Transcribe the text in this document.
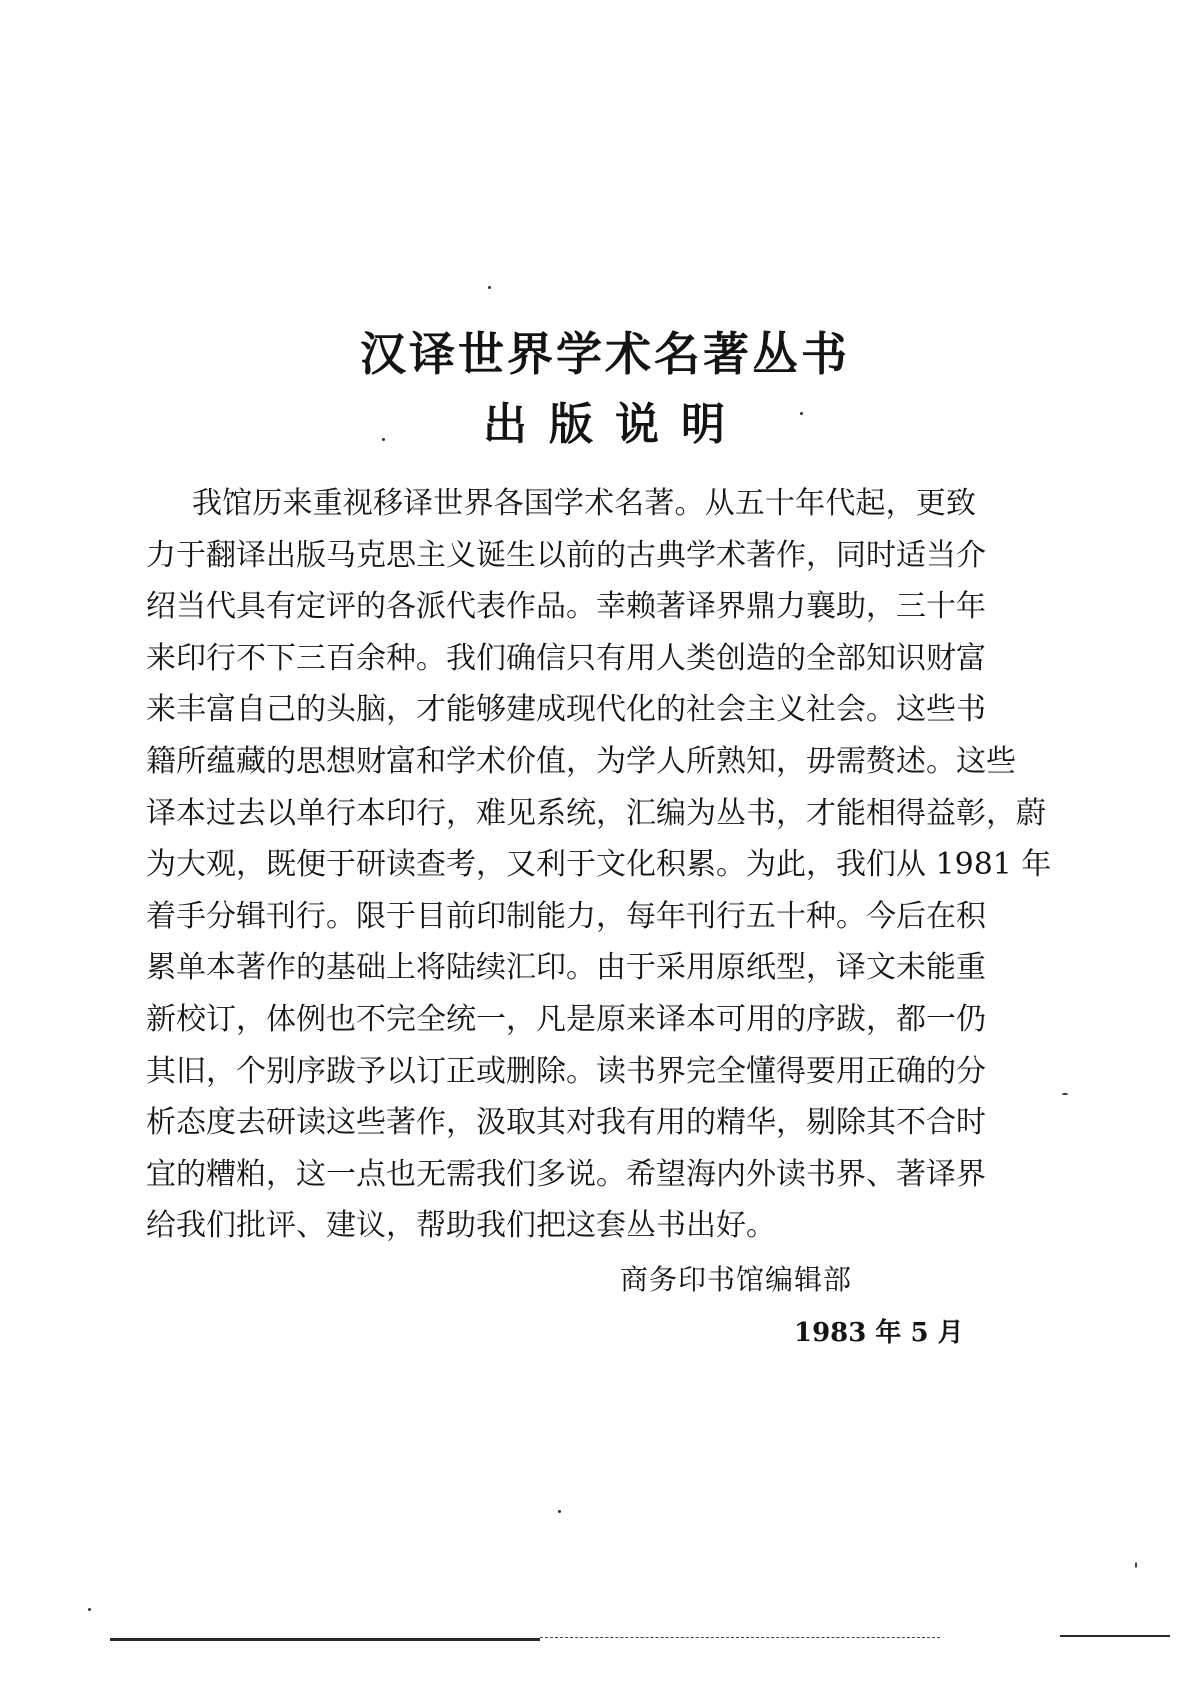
汉译世界学术名著丛书
出版说明
我馆历来重视移译世界各国学术名著。从五十年代起，更致
力于翻译出版马克思主义诞生以前的古典学术著作，同时适当介
绍当代具有定评的各派代表作品。幸赖著译界鼎力襄助，三十年
来印行不下三百余种。我们确信只有用人类创造的全部知识财富
来丰富自己的头脑，才能够建成现代化的社会主义社会。这些书
籍所蕴藏的思想财富和学术价值，为学人所熟知，毋需赘述。这些
译本过去以单行本印行，难见系统，汇编为丛书，才能相得益彰，蔚
为大观，既便于研读查考，又利于文化积累。为此，我们从 1981 年
着手分辑刊行。限于目前印制能力，每年刊行五十种。今后在积
累单本著作的基础上将陆续汇印。由于采用原纸型，译文未能重
新校订，体例也不完全统一，凡是原来译本可用的序跋，都一仍
其旧，个别序跋予以订正或删除。读书界完全懂得要用正确的分
析态度去研读这些著作，汲取其对我有用的精华，剔除其不合时
宜的糟粕，这一点也无需我们多说。希望海内外读书界、著译界
给我们批评、建议，帮助我们把这套丛书出好。
商务印书馆编辑部
1983 年 5 月
